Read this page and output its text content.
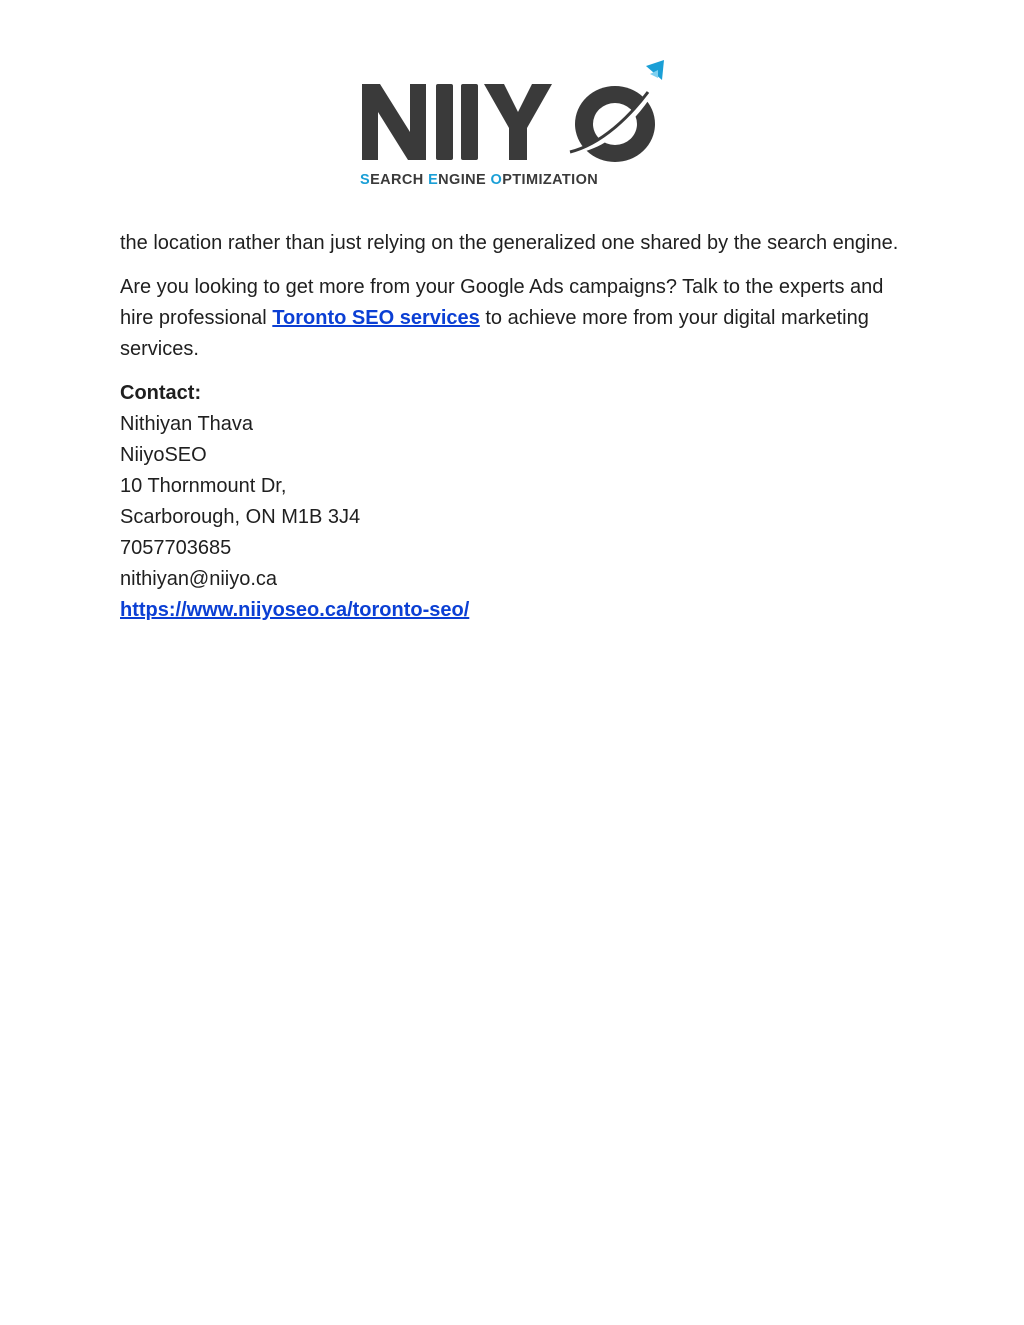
SEARCH ENGINE OPTIMIZATION

the location rather than just relying on the generalized one shared by the search engine.

Are you looking to get more from your Google Ads campaigns? Talk to the experts and hire professional Toronto SEO services to achieve more from your digital marketing services.

Contact:
Nithiyan Thava
NiiyoSEO
10 Thornmount Dr,
Scarborough, ON M1B 3J4
7057703685
nithiyan@niiyo.ca
https://www.niiyoseo.ca/toronto-seo/
